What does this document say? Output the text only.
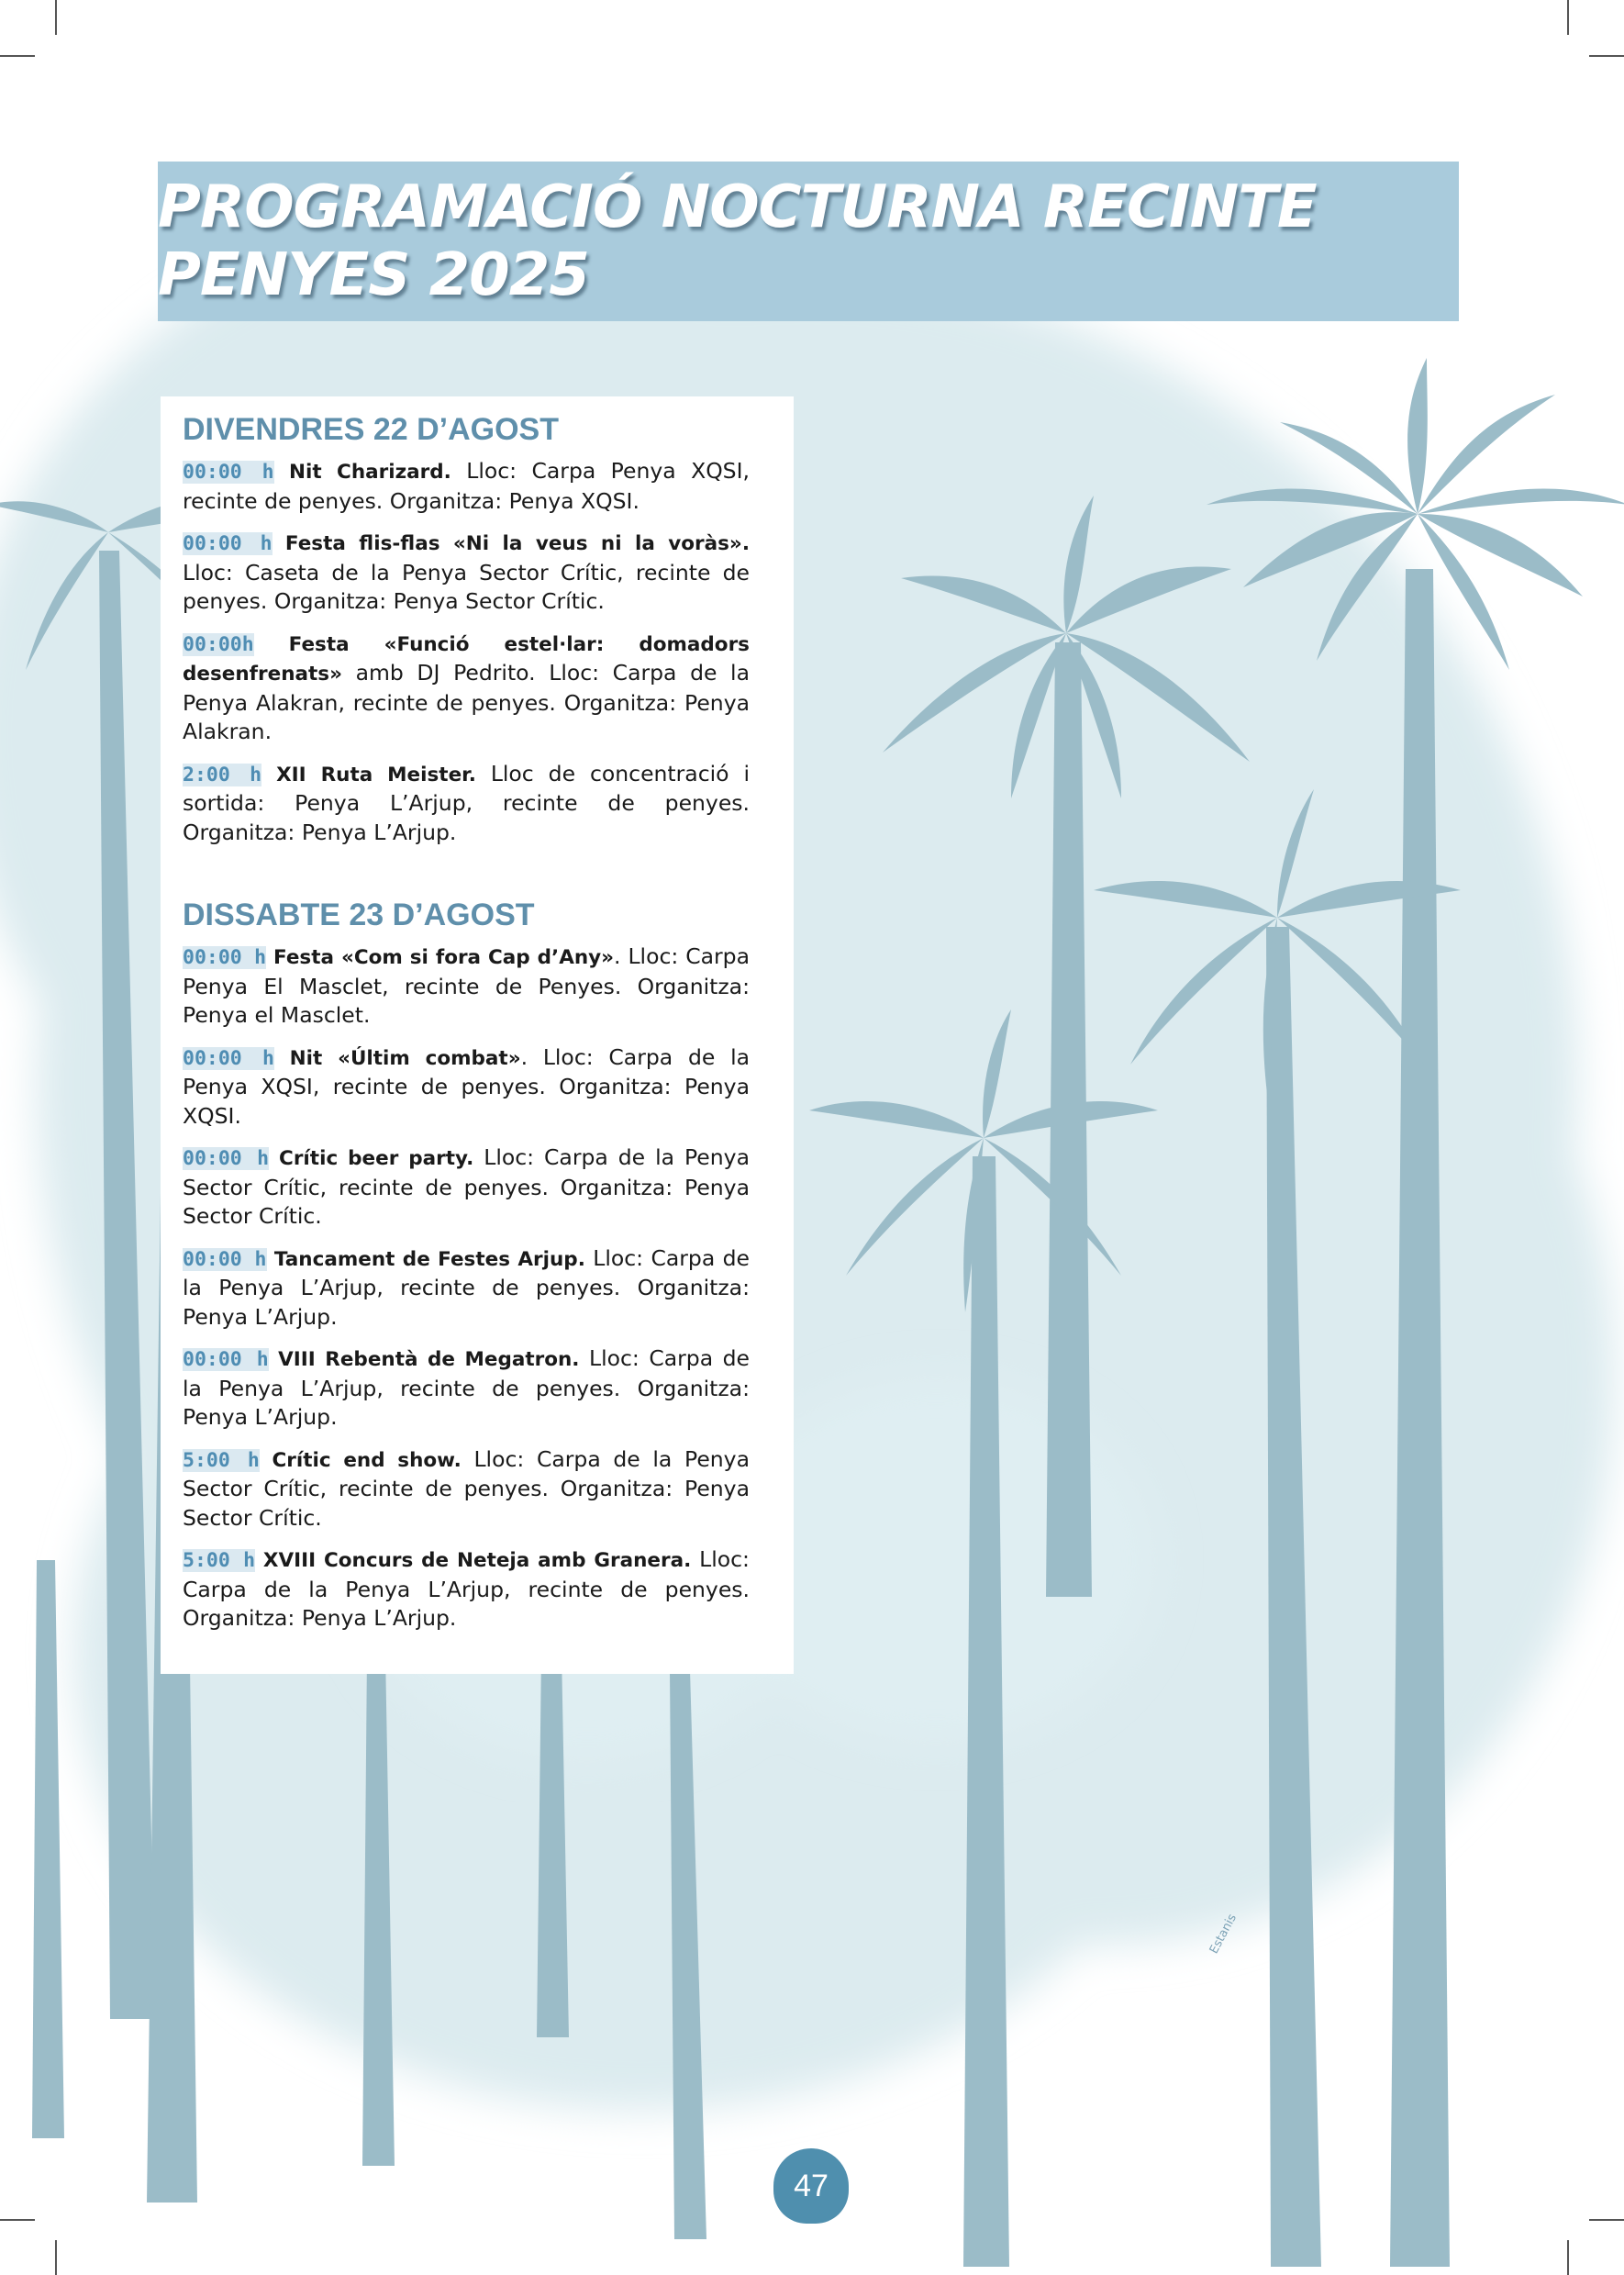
PROGRAMACIÓ NOCTURNA RECINTE PENYES 2025
DIVENDRES 22 D’AGOST

00:00 h Nit Charizard. Lloc: Carpa Penya XQSI, recinte de penyes. Organitza: Penya XQSI.

00:00 h Festa flis-flas «Ni la veus ni la voràs». Lloc: Caseta de la Penya Sector Crític, recinte de penyes. Organitza: Penya Sector Crític.

00:00h Festa «Funció estel·lar: domadors desenfrenats» amb DJ Pedrito. Lloc: Carpa de la Penya Alakran, recinte de penyes. Organitza: Penya Alakran.

2:00 h XII Ruta Meister. Lloc de concentració i sortida: Penya L’Arjup, recinte de penyes. Organitza: Penya L’Arjup.

DISSABTE 23 D’AGOST

00:00 h Festa «Com si fora Cap d’Any». Lloc: Carpa Penya El Masclet, recinte de Penyes. Organitza: Penya el Masclet.

00:00 h Nit «Últim combat». Lloc: Carpa de la Penya XQSI, recinte de penyes. Organitza: Penya XQSI.

00:00 h Crític beer party. Lloc: Carpa de la Penya Sector Crític, recinte de penyes. Organitza: Penya Sector Crític.

00:00 h Tancament de Festes Arjup. Lloc: Carpa de la Penya L’Arjup, recinte de penyes. Organitza: Penya L’Arjup.

00:00 h VIII Rebentà de Megatron. Lloc: Carpa de la Penya L’Arjup, recinte de penyes. Organitza: Penya L’Arjup.

5:00 h Crític end show. Lloc: Carpa de la Penya Sector Crític, recinte de penyes. Organitza: Penya Sector Crític.

5:00 h XVIII Concurs de Neteja amb Granera. Lloc: Carpa de la Penya L’Arjup, recinte de penyes. Organitza: Penya L’Arjup.

Estanis
47
